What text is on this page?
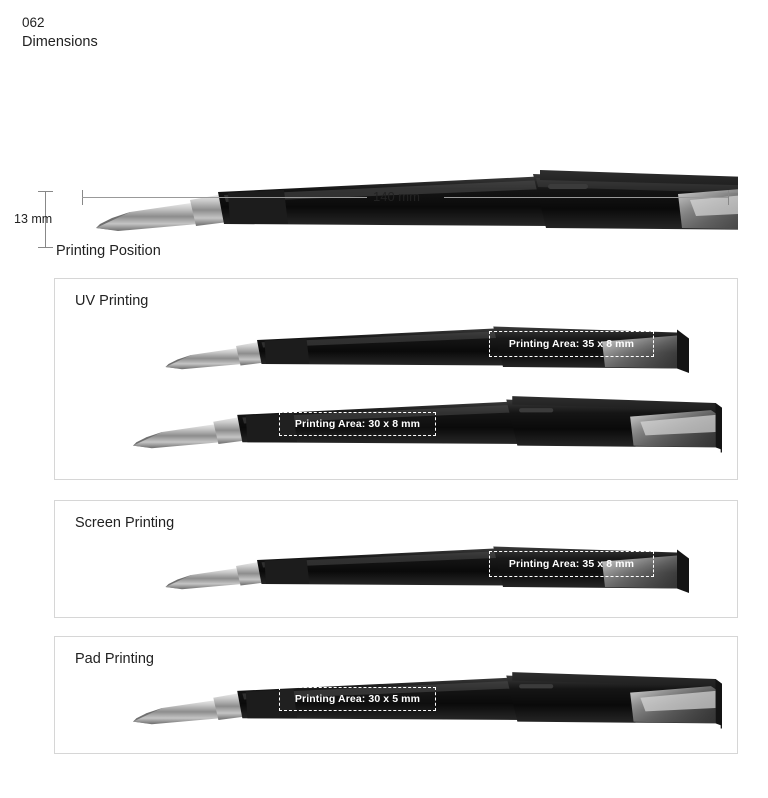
062
Dimensions
13 mm
140 mm
Printing Position
UV Printing
Printing Area: 35 x 8 mm
Printing Area: 30 x 8 mm
Screen Printing
Printing Area: 35 x 8 mm
Pad Printing
Printing Area: 30 x 5 mm
